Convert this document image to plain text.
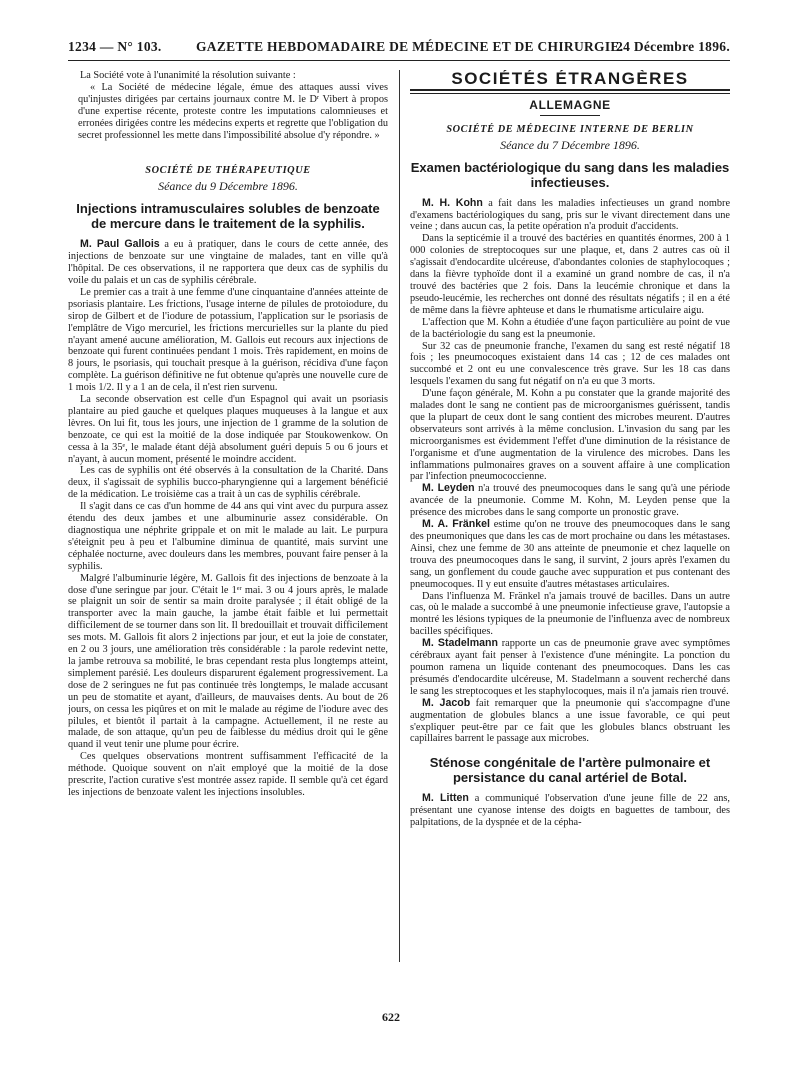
1234 — N° 103.	GAZETTE HEBDOMADAIRE DE MÉDECINE ET DE CHIRURGIE.
24 Décembre 1896.

La Société vote à l'unanimité la résolution suivante :

« La Société de médecine légale, émue des attaques aussi vives qu'injustes dirigées par certains journaux contre M. le Dʳ Vibert à propos d'une expertise récente, proteste contre les imputations calomnieuses et erronées dirigées contre les médecins experts et regrette que l'obligation du secret professionnel les mette dans l'impossibilité absolue d'y répondre. »

SOCIÉTÉ DE THÉRAPEUTIQUE
Séance du 9 Décembre 1896.
Injections intramusculaires solubles de benzoate de mercure dans le traitement de la syphilis.

M. Paul Gallois a eu à pratiquer, dans le cours de cette année, des injections de benzoate sur une vingtaine de malades, tant en ville qu'à l'hôpital. De ces observations, il ne rapportera que deux cas de syphilis du voile du palais et un cas de syphilis cérébrale.

Le premier cas a trait à une femme d'une cinquantaine d'années atteinte de psoriasis plantaire. Les frictions, l'usage interne de pilules de protoiodure, du sirop de Gilbert et de l'iodure de potassium, l'application sur le psoriasis de l'emplâtre de Vigo mercuriel, les frictions mercurielles sur la plante du pied n'ayant amené aucune amélioration, M. Gallois eut recours aux injections de benzoate qui furent continuées pendant 1 mois. Très rapidement, en moins de 8 jours, le psoriasis, qui touchait presque à la guérison, récidiva d'une façon complète. La guérison définitive ne fut obtenue qu'après une nouvelle cure de 1 mois 1/2. Il y a 1 an de cela, il n'est rien survenu.

La seconde observation est celle d'un Espagnol qui avait un psoriasis plantaire au pied gauche et quelques plaques muqueuses à la langue et aux lèvres. On lui fit, tous les jours, une injection de 1 gramme de la solution de benzoate, ce qui est la moitié de la dose indiquée par Stoukowenkow. On cessa à la 35ᵉ, le malade étant déjà absolument guéri depuis 5 ou 6 jours et n'ayant, à aucun moment, présenté le moindre accident.

Les cas de syphilis ont été observés à la consultation de la Charité. Dans deux, il s'agissait de syphilis bucco-pharyngienne qui a largement bénéficié de la médication. Le troisième cas a trait à un cas de syphilis cérébrale.

Il s'agit dans ce cas d'un homme de 44 ans qui vint avec du purpura assez étendu des deux jambes et une albuminurie assez considérable. On diagnostiqua une néphrite grippale et on mit le malade au lait. Le purpura s'éteignit peu à peu et l'albumine diminua de quantité, mais survint une céphalée nocturne, avec douleurs dans les membres, pouvant faire penser à la syphilis.

Malgré l'albuminurie légère, M. Gallois fit des injections de benzoate à la dose d'une seringue par jour. C'était le 1ᵉʳ mai. 3 ou 4 jours après, le malade se plaignit un soir de sentir sa main droite paralysée ; il était obligé de la transporter avec la main gauche, la jambe était faible et lui permettait difficilement de se tourner dans son lit. Il bredouillait et trouvait difficilement ses mots. M. Gallois fit alors 2 injections par jour, et eut la joie de constater, en 2 ou 3 jours, une amélioration très considérable : la parole redevint nette, la jambe retrouva sa mobilité, le bras cependant resta plus longtemps atteint, simplement parésié. Les douleurs disparurent également progressivement. La dose de 2 seringues ne fut pas continuée très longtemps, le malade accusant un peu de stomatite et ayant, d'ailleurs, de mauvaises dents. Au bout de 26 jours, on cessa les piqûres et on mit le malade au régime de l'iodure avec des pilules, et bientôt il partait à la campagne. Actuellement, il ne reste au malade, de son attaque, qu'un peu de faiblesse du médius droit qui le gêne quand il veut tenir une plume pour écrire.

Ces quelques observations montrent suffisamment l'efficacité de la méthode. Quoique souvent on n'ait employé que la moitié de la dose prescrite, l'action curative s'est montrée assez rapide. Il semble qu'à cet égard les injections de benzoate valent les injections insolubles.

SOCIÉTÉS ÉTRANGÈRES
ALLEMAGNE
SOCIÉTÉ DE MÉDECINE INTERNE DE BERLIN
Séance du 7 Décembre 1896.
Examen bactériologique du sang dans les maladies infectieuses.

M. H. Kohn a fait dans les maladies infectieuses un grand nombre d'examens bactériologiques du sang, pris sur le vivant directement dans une veine ; dans aucun cas, la petite opération n'a produit d'accidents.

Dans la septicémie il a trouvé des bactéries en quantités énormes, 200 à 1 000 colonies de streptocoques sur une plaque, et, dans 2 autres cas où il s'agissait d'endocardite ulcéreuse, d'abondantes colonies de staphylocoques ; dans la fièvre typhoïde dont il a examiné un grand nombre de cas, il n'a trouvé des bactéries que 2 fois. Dans la leucémie chronique et dans la pseudo-leucémie, les recherches ont donné des résultats négatifs ; il en a été de même dans la fièvre aphteuse et dans le rhumatisme articulaire aigu.

L'affection que M. Kohn a étudiée d'une façon particulière au point de vue de la bactériologie du sang est la pneumonie.

Sur 32 cas de pneumonie franche, l'examen du sang est resté négatif 18 fois ; les pneumocoques existaient dans 14 cas ; 12 de ces malades ont succombé et 2 ont eu une convalescence très grave. Sur les 18 cas dans lesquels l'examen du sang fut négatif on n'a eu que 3 morts.

D'une façon générale, M. Kohn a pu constater que la grande majorité des malades dont le sang ne contient pas de microorganismes guérissent, tandis que la plupart de ceux dont le sang contient des microbes meurent. D'autres observateurs sont arrivés à la même conclusion. L'invasion du sang par les microorganismes est évidemment l'effet d'une diminution de la résistance de l'organisme et d'une augmentation de la virulence des microbes. Dans les inflammations pulmonaires graves on a souvent affaire à une complication par l'infection pneumococcienne.

M. Leyden n'a trouvé des pneumocoques dans le sang qu'à une période avancée de la pneumonie. Comme M. Kohn, M. Leyden pense que la présence des microbes dans le sang comporte un pronostic grave.

M. A. Fränkel estime qu'on ne trouve des pneumocoques dans le sang des pneumoniques que dans les cas de mort prochaine ou dans les métastases. Ainsi, chez une femme de 30 ans atteinte de pneumonie et chez laquelle on trouva des pneumocoques dans le sang, il survint, 2 jours après l'examen du sang, un gonflement du coude gauche avec suppuration et pus contenant des pneumocoques. Il y eut ensuite d'autres métastases articulaires.

Dans l'influenza M. Fränkel n'a jamais trouvé de bacilles. Dans un autre cas, où le malade a succombé à une pneumonie infectieuse grave, l'autopsie a montré les lésions typiques de la pneumonie de l'influenza avec de nombreux bacilles spécifiques.

M. Stadelmann rapporte un cas de pneumonie grave avec symptômes cérébraux ayant fait penser à l'existence d'une méningite. La ponction du poumon ramena un liquide contenant des pneumocoques. Dans les cas présumés d'endocardite ulcéreuse, M. Stadelmann a souvent recherché dans le sang les streptocoques et les staphylocoques, mais il n'a jamais rien trouvé.

M. Jacob fait remarquer que la pneumonie qui s'accompagne d'une augmentation de globules blancs a une issue favorable, ce qui peut s'expliquer peut-être par ce fait que les globules blancs obstruant les capillaires barrent le passage aux microbes.

Sténose congénitale de l'artère pulmonaire et persistance du canal artériel de Botal.

M. Litten a communiqué l'observation d'une jeune fille de 22 ans, présentant une cyanose intense des doigts en baguettes de tambour, des palpitations, de la dyspnée et de la cépha-

622
